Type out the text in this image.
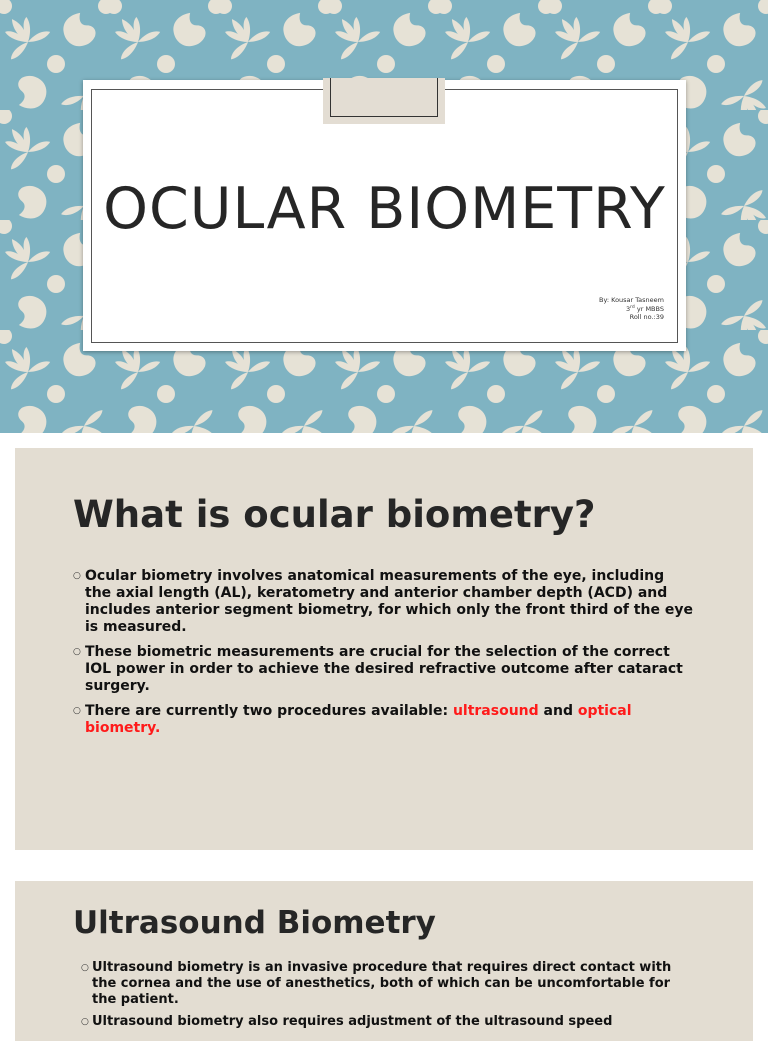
OCULAR BIOMETRY
By: Kousar Tasneem
3rd yr MBBS
Roll no.:39
What is ocular biometry?
○ Ocular biometry involves anatomical measurements of the eye, including the axial length (AL), keratometry and anterior chamber depth (ACD) and includes anterior segment biometry, for which only the front third of the eye is measured.
○ These biometric measurements are crucial for the selection of the correct IOL power in order to achieve the desired refractive outcome after cataract surgery.
○ There are currently two procedures available: ultrasound and optical biometry.
Ultrasound Biometry
○ Ultrasound biometry is an invasive procedure that requires direct contact with the cornea and the use of anesthetics, both of which can be uncomfortable for the patient.
○ Ultrasound biometry also requires adjustment of the ultrasound speed
